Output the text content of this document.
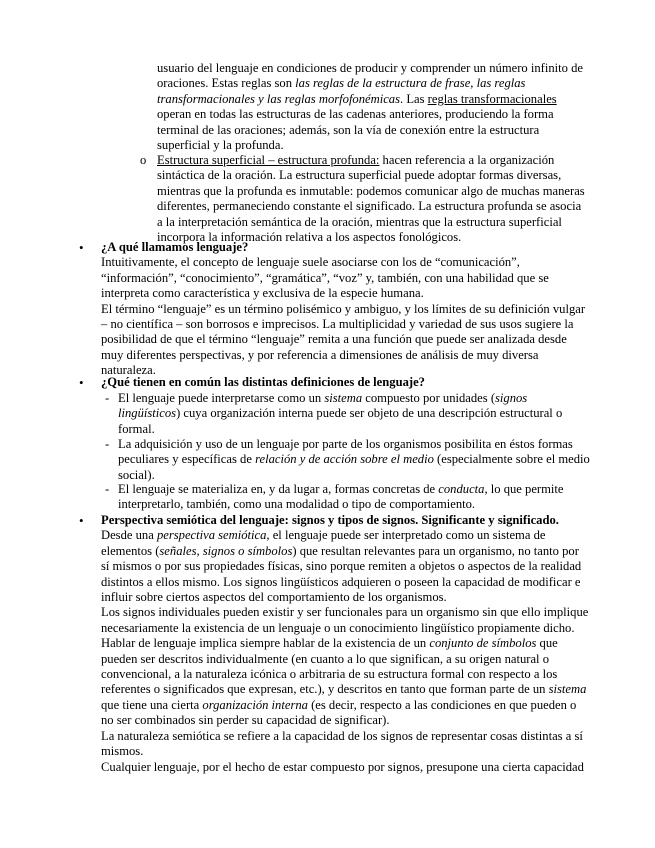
usuario del lenguaje en condiciones de producir y comprender un número infinito de oraciones. Estas reglas son las reglas de la estructura de frase, las reglas transformacionales y las reglas morfofonémicas. Las reglas transformacionales operan en todas las estructuras de las cadenas anteriores, produciendo la forma terminal de las oraciones; además, son la vía de conexión entre la estructura superficial y la profunda.

o Estructura superficial – estructura profunda: hacen referencia a la organización sintáctica de la oración. La estructura superficial puede adoptar formas diversas, mientras que la profunda es inmutable: podemos comunicar algo de muchas maneras diferentes, permaneciendo constante el significado. La estructura profunda se asocia a la interpretación semántica de la oración, mientras que la estructura superficial incorpora la información relativa a los aspectos fonológicos.

• ¿A qué llamamos lenguaje?

Intuitivamente, el concepto de lenguaje suele asociarse con los de “comunicación”, “información”, “conocimiento”, “gramática”, “voz” y, también, con una habilidad que se interpreta como característica y exclusiva de la especie humana.

El término “lenguaje” es un término polisémico y ambiguo, y los límites de su definición vulgar – no científica – son borrosos e imprecisos. La multiplicidad y variedad de sus usos sugiere la posibilidad de que el término “lenguaje” remita a una función que puede ser analizada desde muy diferentes perspectivas, y por referencia a dimensiones de análisis de muy diversa naturaleza.

• ¿Qué tienen en común las distintas definiciones de lenguaje?

- El lenguaje puede interpretarse como un sistema compuesto por unidades (signos lingüísticos) cuya organización interna puede ser objeto de una descripción estructural o formal.

- La adquisición y uso de un lenguaje por parte de los organismos posibilita en éstos formas peculiares y específicas de relación y de acción sobre el medio (especialmente sobre el medio social).

- El lenguaje se materializa en, y da lugar a, formas concretas de conducta, lo que permite interpretarlo, también, como una modalidad o tipo de comportamiento.

• Perspectiva semiótica del lenguaje: signos y tipos de signos. Significante y significado.

Desde una perspectiva semiótica, el lenguaje puede ser interpretado como un sistema de elementos (señales, signos o símbolos) que resultan relevantes para un organismo, no tanto por sí mismos o por sus propiedades físicas, sino porque remiten a objetos o aspectos de la realidad distintos a ellos mismo. Los signos lingüísticos adquieren o poseen la capacidad de modificar e influir sobre ciertos aspectos del comportamiento de los organismos.

Los signos individuales pueden existir y ser funcionales para un organismo sin que ello implique necesariamente la existencia de un lenguaje o un conocimiento lingüístico propiamente dicho.

Hablar de lenguaje implica siempre hablar de la existencia de un conjunto de símbolos que pueden ser descritos individualmente (en cuanto a lo que significan, a su origen natural o convencional, a la naturaleza icónica o arbitraria de su estructura formal con respecto a los referentes o significados que expresan, etc.), y descritos en tanto que forman parte de un sistema que tiene una cierta organización interna (es decir, respecto a las condiciones en que pueden o no ser combinados sin perder su capacidad de significar).

La naturaleza semiótica se refiere a la capacidad de los signos de representar cosas distintas a sí mismos.

Cualquier lenguaje, por el hecho de estar compuesto por signos, presupone una cierta capacidad
